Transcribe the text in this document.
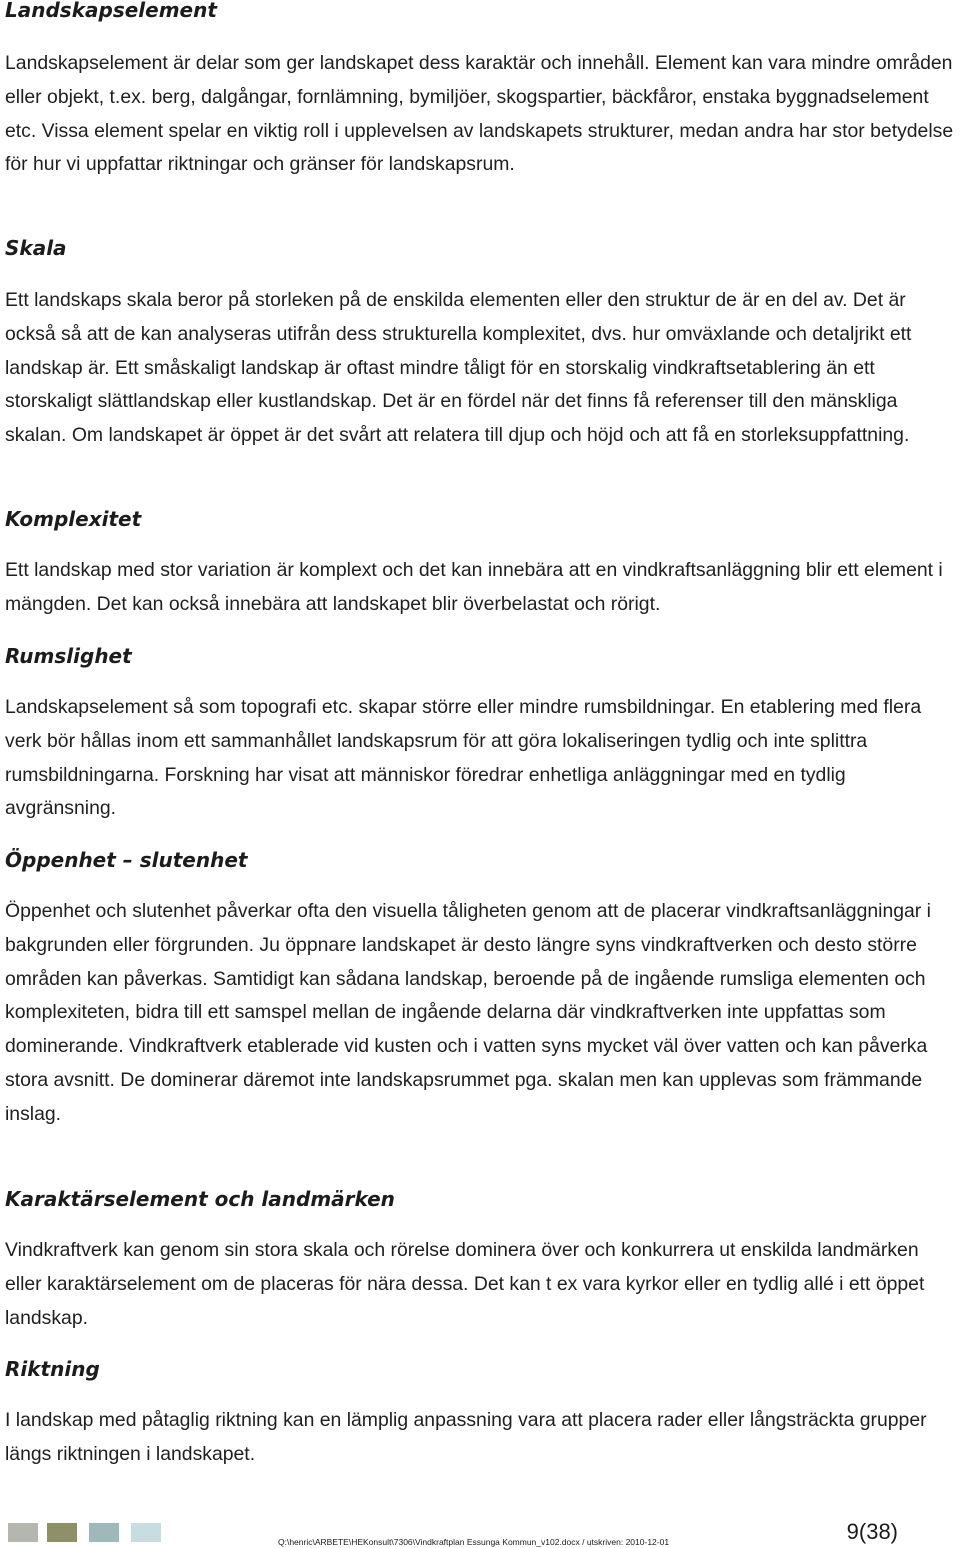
Landskapselement

Landskapselement är delar som ger landskapet dess karaktär och innehåll. Element kan vara mindre områden eller objekt, t.ex. berg, dalgångar, fornlämning, bymiljöer, skogspartier, bäckfåror, enstaka byggnadselement etc. Vissa element spelar en viktig roll i upplevelsen av landskapets strukturer, medan andra har stor betydelse för hur vi uppfattar riktningar och gränser för landskapsrum.

Skala

Ett landskaps skala beror på storleken på de enskilda elementen eller den struktur de är en del av. Det är också så att de kan analyseras utifrån dess strukturella komplexitet, dvs. hur omväxlande och detaljrikt ett landskap är. Ett småskaligt landskap är oftast mindre tåligt för en storskalig vindkraftsetablering än ett storskaligt slättlandskap eller kustlandskap. Det är en fördel när det finns få referenser till den mänskliga skalan. Om landskapet är öppet är det svårt att relatera till djup och höjd och att få en storleksuppfattning.

Komplexitet

Ett landskap med stor variation är komplext och det kan innebära att en vindkraftsanläggning blir ett element i mängden. Det kan också innebära att landskapet blir överbelastat och rörigt.

Rumslighet

Landskapselement så som topografi etc. skapar större eller mindre rumsbildningar. En etablering med flera verk bör hållas inom ett sammanhållet landskapsrum för att göra lokaliseringen tydlig och inte splittra rumsbildningarna. Forskning har visat att människor föredrar enhetliga anläggningar med en tydlig avgränsning.

Öppenhet – slutenhet

Öppenhet och slutenhet påverkar ofta den visuella tåligheten genom att de placerar vindkraftsanläggningar i bakgrunden eller förgrunden. Ju öppnare landskapet är desto längre syns vindkraftverken och desto större områden kan påverkas. Samtidigt kan sådana landskap, beroende på de ingående rumsliga elementen och komplexiteten, bidra till ett samspel mellan de ingående delarna där vindkraftverken inte uppfattas som dominerande. Vindkraftverk etablerade vid kusten och i vatten syns mycket väl över vatten och kan påverka stora avsnitt. De dominerar däremot inte landskapsrummet pga. skalan men kan upplevas som främmande inslag.

Karaktärselement och landmärken

Vindkraftverk kan genom sin stora skala och rörelse dominera över och konkurrera ut enskilda landmärken eller karaktärselement om de placeras för nära dessa. Det kan t ex vara kyrkor eller en tydlig allé i ett öppet landskap.

Riktning

I landskap med påtaglig riktning kan en lämplig anpassning vara att placera rader eller långsträckta grupper längs riktningen i landskapet.

Q:\henric\ARBETE\HEKonsult\7306\Vindkraftplan Essunga Kommun_v102.docx / utskriven: 2010-12-01	9(38)
